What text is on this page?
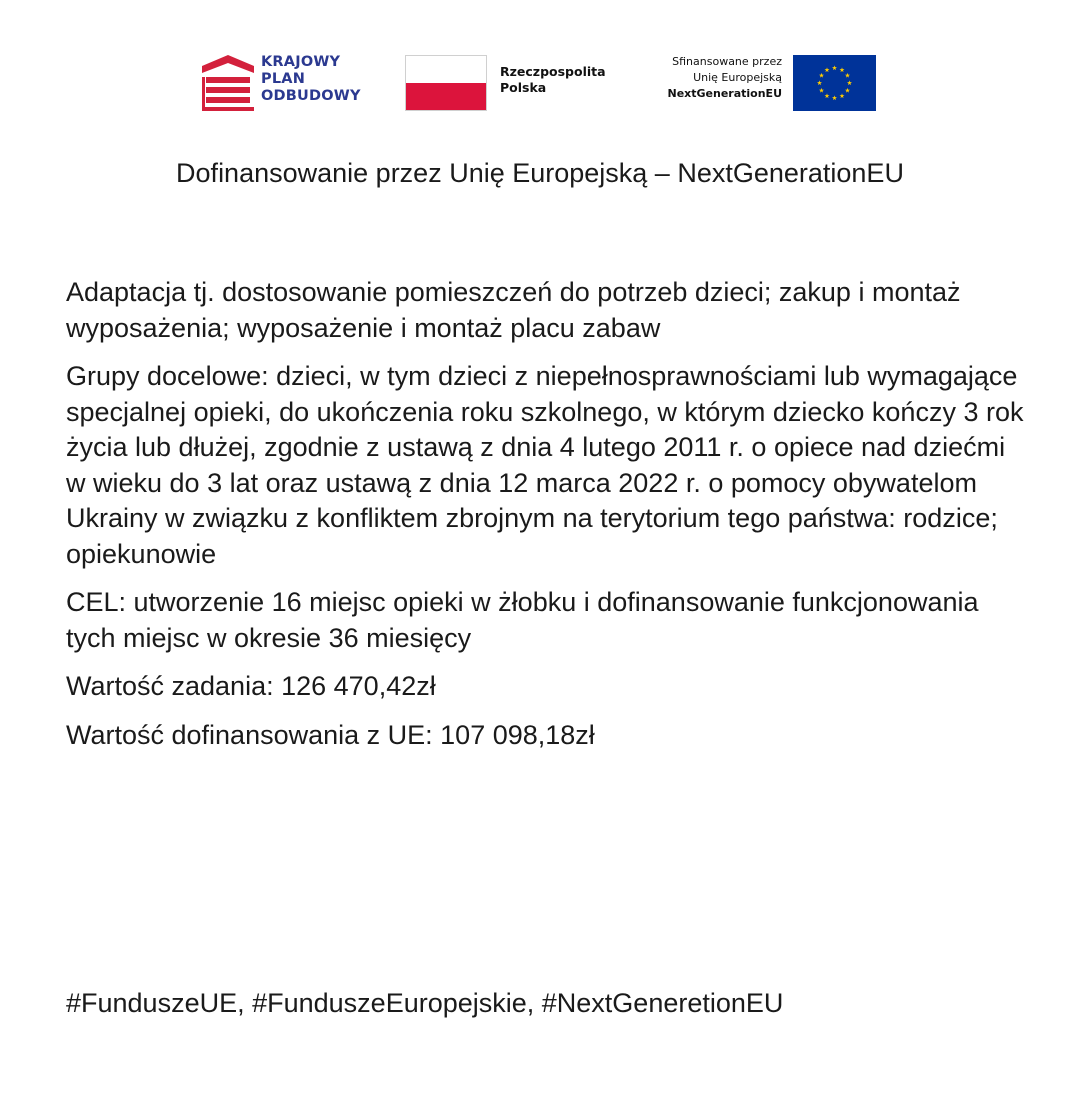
KRAJOWY
PLAN
ODBUDOWY
Rzeczpospolita
Polska
Sfinansowane przez
Unię Europejską
NextGenerationEU
Dofinansowanie przez Unię Europejską – NextGenerationEU

Adaptacja tj. dostosowanie pomieszczeń do potrzeb dzieci; zakup i montaż wyposażenia; wyposażenie i montaż placu zabaw

Grupy docelowe: dzieci, w tym dzieci z niepełnosprawnościami lub wymagające specjalnej opieki, do ukończenia roku szkolnego, w którym dziecko kończy 3 rok życia lub dłużej, zgodnie z ustawą z dnia 4 lutego 2011 r. o opiece nad dziećmi w wieku do 3 lat oraz ustawą z dnia 12 marca 2022 r. o pomocy obywatelom Ukrainy w związku z konfliktem zbrojnym na terytorium tego państwa: rodzice; opiekunowie

CEL: utworzenie 16 miejsc opieki w żłobku i dofinansowanie funkcjonowania tych miejsc w okresie 36 miesięcy

Wartość zadania: 126 470,42zł

Wartość dofinansowania z UE: 107 098,18zł

#FunduszeUE, #FunduszeEuropejskie, #NextGeneretionEU
